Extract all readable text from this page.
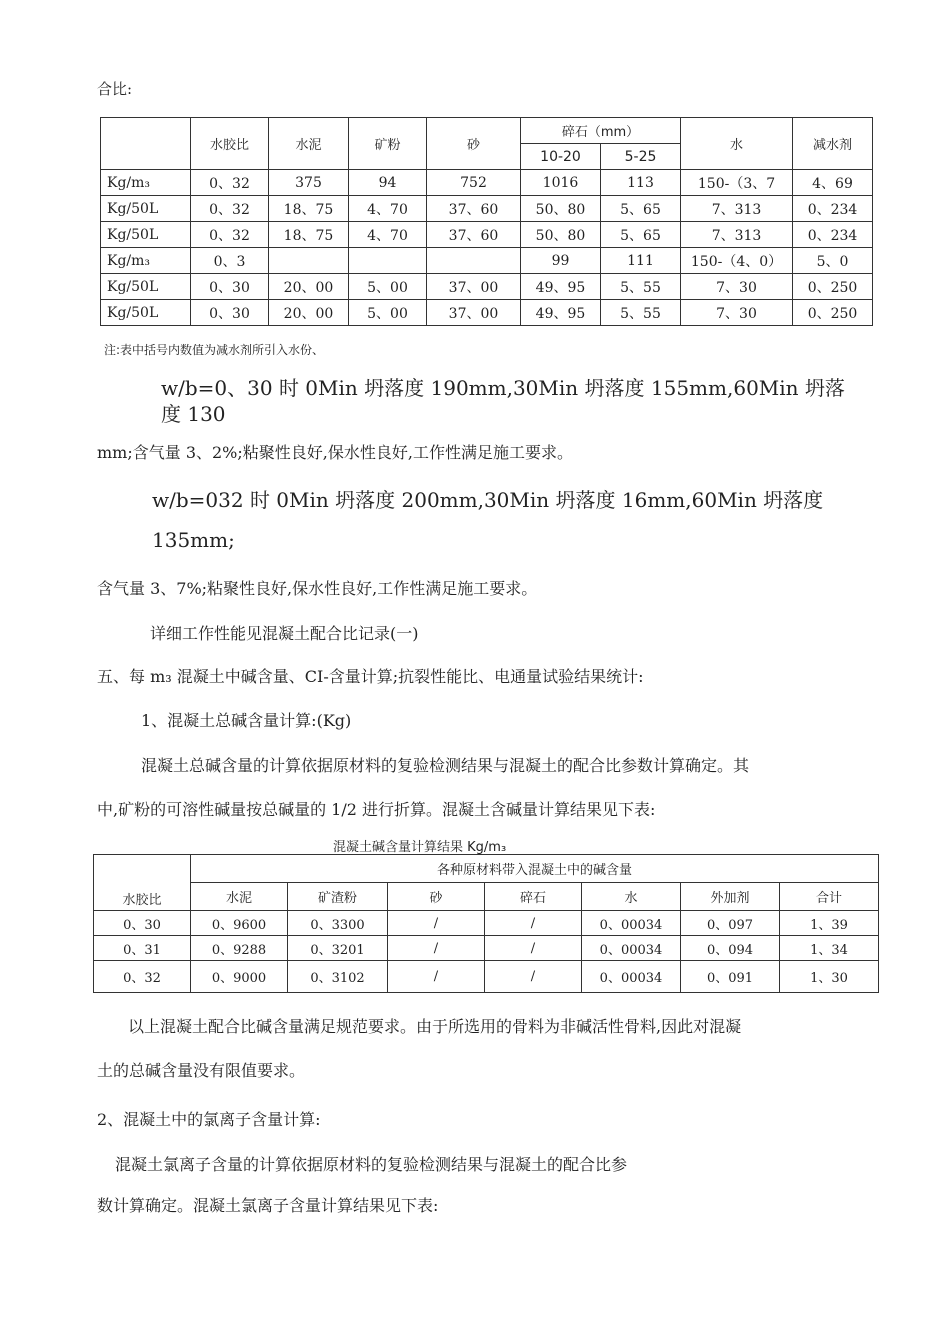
合比:
	水胶比	水泥	矿粉	砂	碎石（mm）		水	减水剂
					10-20	5-25		
Kg/m₃	0、32	375	94	752	1016	113	150-（3、7	4、69
Kg/50L	0、32	18、75	4、70	37、60	50、80	5、65	7、313	0、234
Kg/50L	0、32	18、75	4、70	37、60	50、80	5、65	7、313	0、234
Kg/m₃	0、3				99	111	150-（4、0）	5、0
Kg/50L	0、30	20、00	5、00	37、00	49、95	5、55	7、30	0、250
Kg/50L	0、30	20、00	5、00	37、00	49、95	5、55	7、30	0、250
注:表中括号内数值为减水剂所引入水份、
w/b=0、30 时 0Min 坍落度 190mm,30Min 坍落度 155mm,60Min 坍落
度 130
mm;含气量 3、2%;粘聚性良好,保水性良好,工作性满足施工要求。
w/b=032 时 0Min 坍落度 200mm,30Min 坍落度 16mm,60Min 坍落度
135mm;
含气量 3、7%;粘聚性良好,保水性良好,工作性满足施工要求。
详细工作性能见混凝土配合比记录(一)
五、每 m₃ 混凝土中碱含量、CI-含量计算;抗裂性能比、电通量试验结果统计:
1、混凝土总碱含量计算:(Kg)
混凝土总碱含量的计算依据原材料的复验检测结果与混凝土的配合比参数计算确定。其
中,矿粉的可溶性碱量按总碱量的 1/2 进行折算。混凝土含碱量计算结果见下表:
混凝土碱含量计算结果 Kg/m₃
水胶比	各种原材料带入混凝土中的碱含量						
	水泥	矿渣粉	砂	碎石	水	外加剂	合计
0、30	0、9600	0、3300	/	/	0、00034	0、097	1、39
0、31	0、9288	0、3201	/	/	0、00034	0、094	1、34
0、32	0、9000	0、3102	/	/	0、00034	0、091	1、30
以上混凝土配合比碱含量满足规范要求。由于所选用的骨料为非碱活性骨料,因此对混凝
土的总碱含量没有限值要求。
2、混凝土中的氯离子含量计算:
混凝土氯离子含量的计算依据原材料的复验检测结果与混凝土的配合比参
数计算确定。混凝土氯离子含量计算结果见下表:
